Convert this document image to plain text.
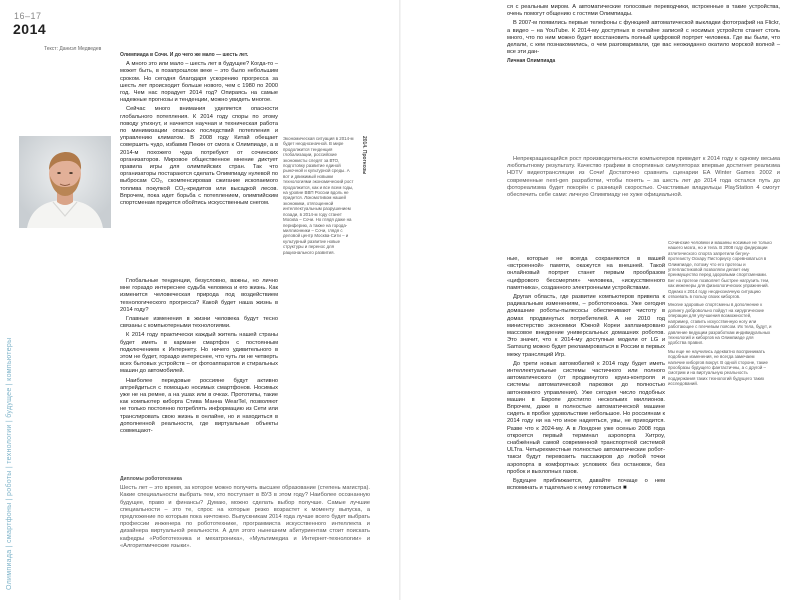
16–17
2014
Текст: Даниэл Медведев
Олимпиада | смартфоны | роботы | технологии | будущее | компьютеры

Олимпиада в Сочи. И до чего же мало — шесть лет.

А много это или мало – шесть лет в будущее? Когда-то – может быть, в позапрошлом веке – это было небольшим сроком. Но сегодня благодаря ускорению прогресса за шесть лет происходит больше нового, чем с 1980 по 2000 год. Чем нас порадует 2014 год? Опираясь на самые надежные прогнозы и тенденции, можно увидеть многое.

Сейчас много внимания уделяется опасности глобального потепления. К 2014 году споры по этому поводу утихнут, и начнется научная и техническая работа по минимизации опасных последствий потепления и управлению климатом. В 2008 году Китай обещает совершить чудо, избавив Пекин от смога к Олимпиаде, а в 2014-м похожего чуда потребуют от сочинских организаторов. Мировое общественное мнение диктует правила игры для олимпийских стран. Так что организаторы постараются сделать Олимпиаду нулевой по выбросам CO₂, скомпенсировав сжигание ископаемого топлива покупкой CO₂-кредитов или высадкой лесов. Впрочем, пока идет борьба с потеплением, олимпийским спортсменам придется обойтись искусственным снегом.

Глобальные тенденции, безусловно, важны, но лично мне гораздо интереснее судьба человека и его жизнь. Как изменится человеческая природа под воздействием технологического прогресса? Какой будет наша жизнь в 2014 году?

Главные изменения в жизни человека будут тесно связаны с компьютерными технологиями.

К 2014 году практически каждый житель нашей страны будет иметь в кармане смартфон с постоянным подключением к Интернету. Но ничего удивительного в этом не будет, гораздо интереснее, что чуть ли не четверть всех бытовых устройств – от фотоаппаратов и стиральных машин до автомобилей.

Наиболее передовые россияне будут активно апгрейдиться с помощью носимых смартфонов. Носимых уже не на ремне, а на ушах или в очках. Прототипы, такие как компьютер киборга Стива Манна WearTel, позволяют не только постоянно потреблять информацию из Сети или транслировать свою жизнь в онлайне, но и находиться в дополненной реальности, где виртуальные объекты совмещают-

Дипломы робототехника

Шесть лет – это время, за которое можно получить высшее образование (степень магистра). Какие специальности выбрать тем, кто поступает в ВУЗ в этом году? Наиболее осознанную будущее, право и финансы? Думаю, можно сделать выбор получше. Самые лучшие специальности – это те, спрос на которые резко возрастет к моменту выпуска, а предложение по которым пока ничтожно. Выпускникам 2014 года лучше всего будет выбрать профессии инженера по робототехнике, программиста искусственного интеллекта и дизайнера виртуальной реальности. А для этого нынешним абитуриентам стоит поискать кафедры «Робототехника и мехатроника», «Мультимедиа и Интернет-технологии» и «Алгоритмические языки».

Экономическая ситуация в 2014-м будет неоднозначной. В мире продолжится тенденция глобализации, российские экономисты следят за ВТО, подготовку развитие единой рыночной и культурной среды. А вот и движимый новыми технологиями экономический рост продолжится, как и все всем годы, на уровне ВВП России вдоль не придется. Локомотивом нашей экономики, отягощенной интеллектуальным разрушением позади, в 2014-м году станет Москва – Сочи. Но глядя даже на периферию, а также на города-миллионники – Сочи, глядя с деловой центр Москва-Сити – и культурный развитие новые структуры и перенос для рационального развития.
2014. Прогнозы

ся с реальным миром. А автоматические голосовые переводчики, встроенные в такие устройства, очень помогут общению с гостями Олимпиады.

В 2007-м появились первые телефоны с функцией автоматической выкладки фотографий на Flickr, а видео – на YouTube. К 2014-му доступных в онлайне записей с носимых устройств станет столь много, что по ним можно будет восстановить полный цифровой портрет человека. Где вы были, что делали, с кем познакомились, о чем разговаривали, где вас неожиданно окатило морской волной – все эти дан-

Личная Олимпиада

Непрекращающийся рост производительности компьютеров приведет к 2014 году к одному весьма любопытному результату. Качество графики в спортивных симуляторах впервые достигнет реализма HDTV видеотрансляции из Сочи! Достаточно сравнить сценарии EA Winter Games 2002 и современные next-gen разработки, чтобы понять – за шесть лет до 2014 года остался путь до фотореализма будет покорён с разницей скоростью. Счастливые владельцы PlayStation 4 смогут обеспечить себе сами: личную Олимпиаду не хуже официальной.

ные, которые не всегда сохраняются в вашей «встроенной» памяти, окажутся на внешней. Такой онлайновый портрет станет первым прообразом «цифрового бессмертия» человека, «искусственного памятника», созданного электронными устройствами.

Другая область, где развитие компьютеров привела к радикальным изменениям, – робототехника. Уже сегодня домашние роботы-пылесосы обеспечивают чистоту в домах продвинутых потребителей. А не 2010 год министерство экономики Южной Кореи запланировано массовое внедрение универсальных домашних роботов. Это значит, что к 2014-му доступные модели от LG и Samsung можно будет рекламироваться в России в первых межу трансляций Игр.

До трети новых автомобилей к 2014 году будет иметь интеллектуальные системы частичного или полного автоматического (от продвинутого круиз-контроля и системы автоматической парковки до полностью автономного управления). Уже сегодня число подобных машин в Европе достигло нескольких миллионов. Впрочем, даже в полностью автоматической машине сидеть в пробке удовольствие небольшое. Но россиянам к 2014 году ни на что иное надеяться, увы, не приходится. Разве что к 2024-му. А в Лондоне уже осенью 2008 года откроется первый терминал аэропорта Хитроу, снабжённый самой современной транспортной системой ULTra. Четырехместные полностью автоматические робот-такси будут перевозить пассажиров до любой точки аэропорта в комфортных условиях без остановок, без пробок и выхлопных газов.

Будущее приближается, давайте почаще о нем вспоминать и тщательно к нему готовиться ■

Сочинские человеки и машины носимые не только нашего мозга, но и тела. В 2008 году федерации атлетического спорта запретили бегуну-протезисту Оскару Писториусу соревноваться в Олимпиаде, потому что его протезы и углепластиковой позволяли делает ему преимущество перед здоровыми спортсменами. Бег на протезе позволяет быстрее нагрузить тем, как инженеры для физиологических упражнений. Однако к 2014 году неоднозначную ситуацию отвоевать в пользу своих киборгов.

Многие здоровые спортсмены в дополнение к допингу добровольно пойдут на хирургические операции для улучшения возможностей, например, ставить искусственную ногу или работающее с плечевым поясом. Их тела, будут, и давление ведущим разработкам индивидуальных технологий и киборгов на Олимпиаде для удобства правил.

Мы еще не научились адекватно воспринимать подобные изменения, не всегда замечаем наличие киборгов вокруг. В одной стороне, такие прообразы будущего фантастичны, а с другой – смотрим и на виртуальную реальность поддержания таких технологий будущего таких исследований.
